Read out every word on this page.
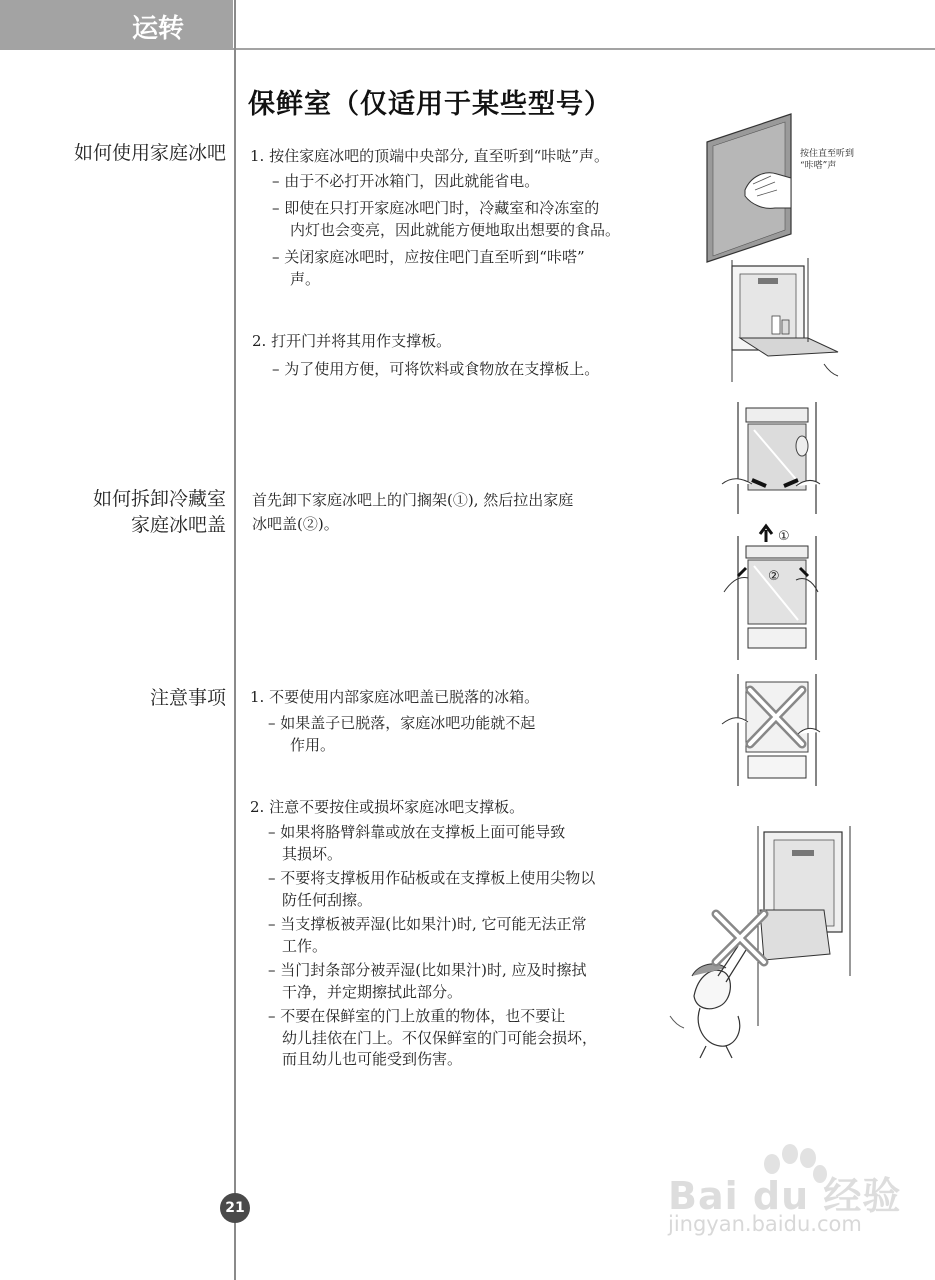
运转
保鲜室（仅适用于某些型号）
如何使用家庭冰吧
如何拆卸冷藏室
家庭冰吧盖
注意事项
1. 按住家庭冰吧的顶端中央部分, 直至听到“咔哒”声。
– 由于不必打开冰箱门，因此就能省电。
– 即使在只打开家庭冰吧门时，冷藏室和冷冻室的
内灯也会变亮，因此就能方便地取出想要的食品。
– 关闭家庭冰吧时，应按住吧门直至听到“咔嗒”
声。
2. 打开门并将其用作支撑板。
– 为了使用方便，可将饮料或食物放在支撑板上。
首先卸下家庭冰吧上的门搁架(①), 然后拉出家庭
冰吧盖(②)。
1. 不要使用内部家庭冰吧盖已脱落的冰箱。
– 如果盖子已脱落，家庭冰吧功能就不起
作用。
2. 注意不要按住或损坏家庭冰吧支撑板。
– 如果将胳臂斜靠或放在支撑板上面可能导致
其损坏。
– 不要将支撑板用作砧板或在支撑板上使用尖物以
防任何刮擦。
– 当支撑板被弄湿(比如果汁)时, 它可能无法正常
工作。
– 当门封条部分被弄湿(比如果汁)时, 应及时擦拭
干净，并定期擦拭此部分。
– 不要在保鲜室的门上放重的物体，也不要让
幼儿挂依在门上。不仅保鲜室的门可能会损坏，
而且幼儿也可能受到伤害。
按住直至听到
“咔嗒”声
①
②
21	Bai du 经验
jingyan.baidu.com
